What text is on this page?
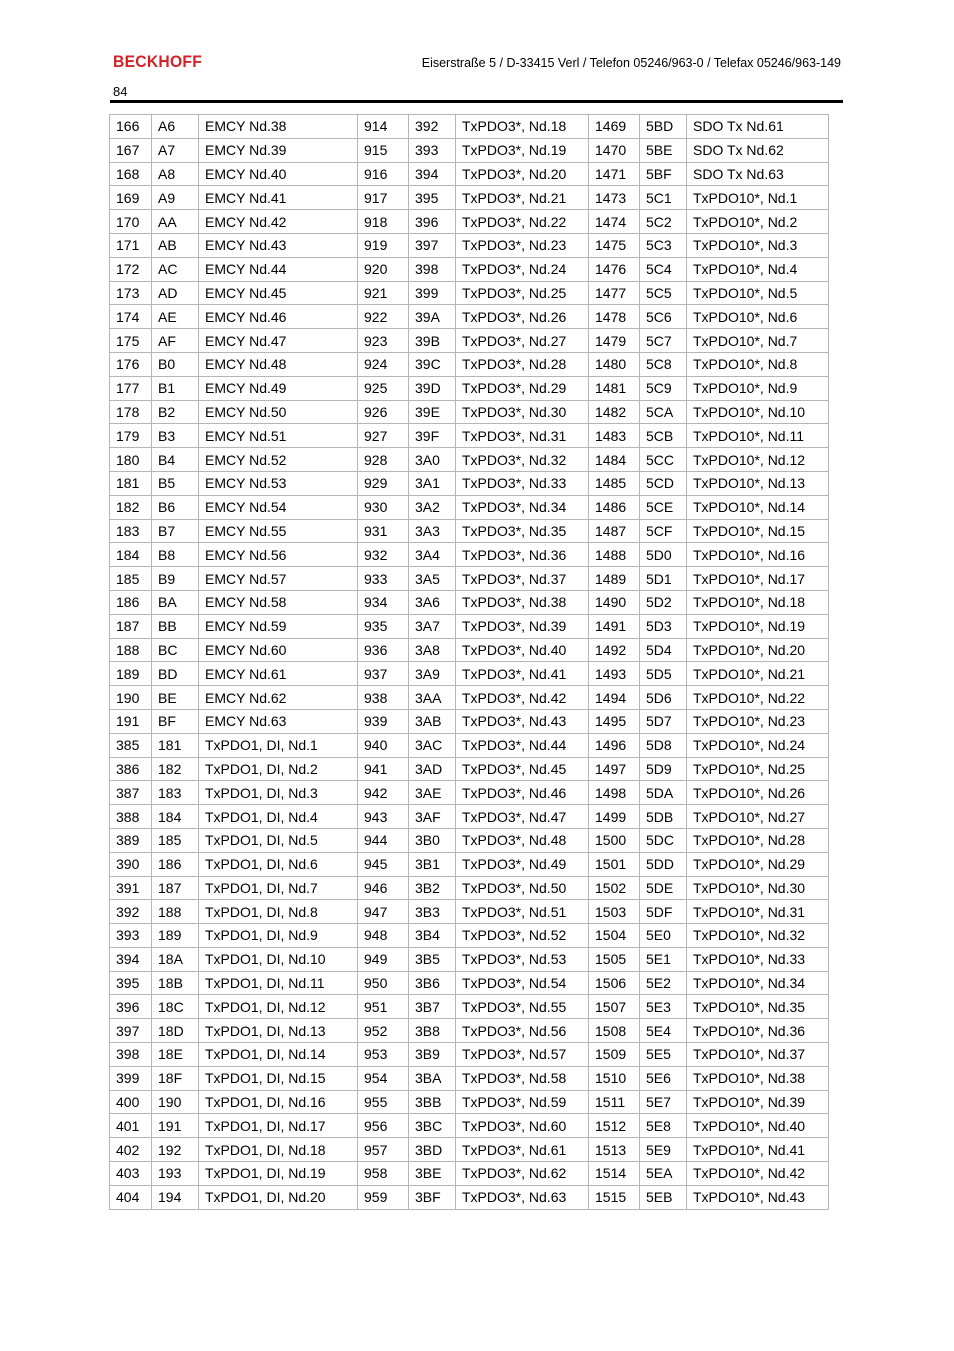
BECKHOFF	Eiserstraße 5 / D-33415 Verl / Telefon 05246/963-0 / Telefax 05246/963-149
84
166	A6	EMCY Nd.38	914	392	TxPDO3*, Nd.18	1469	5BD	SDO Tx Nd.61
167	A7	EMCY Nd.39	915	393	TxPDO3*, Nd.19	1470	5BE	SDO Tx Nd.62
168	A8	EMCY Nd.40	916	394	TxPDO3*, Nd.20	1471	5BF	SDO Tx Nd.63
169	A9	EMCY Nd.41	917	395	TxPDO3*, Nd.21	1473	5C1	TxPDO10*, Nd.1
170	AA	EMCY Nd.42	918	396	TxPDO3*, Nd.22	1474	5C2	TxPDO10*, Nd.2
171	AB	EMCY Nd.43	919	397	TxPDO3*, Nd.23	1475	5C3	TxPDO10*, Nd.3
172	AC	EMCY Nd.44	920	398	TxPDO3*, Nd.24	1476	5C4	TxPDO10*, Nd.4
173	AD	EMCY Nd.45	921	399	TxPDO3*, Nd.25	1477	5C5	TxPDO10*, Nd.5
174	AE	EMCY Nd.46	922	39A	TxPDO3*, Nd.26	1478	5C6	TxPDO10*, Nd.6
175	AF	EMCY Nd.47	923	39B	TxPDO3*, Nd.27	1479	5C7	TxPDO10*, Nd.7
176	B0	EMCY Nd.48	924	39C	TxPDO3*, Nd.28	1480	5C8	TxPDO10*, Nd.8
177	B1	EMCY Nd.49	925	39D	TxPDO3*, Nd.29	1481	5C9	TxPDO10*, Nd.9
178	B2	EMCY Nd.50	926	39E	TxPDO3*, Nd.30	1482	5CA	TxPDO10*, Nd.10
179	B3	EMCY Nd.51	927	39F	TxPDO3*, Nd.31	1483	5CB	TxPDO10*, Nd.11
180	B4	EMCY Nd.52	928	3A0	TxPDO3*, Nd.32	1484	5CC	TxPDO10*, Nd.12
181	B5	EMCY Nd.53	929	3A1	TxPDO3*, Nd.33	1485	5CD	TxPDO10*, Nd.13
182	B6	EMCY Nd.54	930	3A2	TxPDO3*, Nd.34	1486	5CE	TxPDO10*, Nd.14
183	B7	EMCY Nd.55	931	3A3	TxPDO3*, Nd.35	1487	5CF	TxPDO10*, Nd.15
184	B8	EMCY Nd.56	932	3A4	TxPDO3*, Nd.36	1488	5D0	TxPDO10*, Nd.16
185	B9	EMCY Nd.57	933	3A5	TxPDO3*, Nd.37	1489	5D1	TxPDO10*, Nd.17
186	BA	EMCY Nd.58	934	3A6	TxPDO3*, Nd.38	1490	5D2	TxPDO10*, Nd.18
187	BB	EMCY Nd.59	935	3A7	TxPDO3*, Nd.39	1491	5D3	TxPDO10*, Nd.19
188	BC	EMCY Nd.60	936	3A8	TxPDO3*, Nd.40	1492	5D4	TxPDO10*, Nd.20
189	BD	EMCY Nd.61	937	3A9	TxPDO3*, Nd.41	1493	5D5	TxPDO10*, Nd.21
190	BE	EMCY Nd.62	938	3AA	TxPDO3*, Nd.42	1494	5D6	TxPDO10*, Nd.22
191	BF	EMCY Nd.63	939	3AB	TxPDO3*, Nd.43	1495	5D7	TxPDO10*, Nd.23
385	181	TxPDO1, DI, Nd.1	940	3AC	TxPDO3*, Nd.44	1496	5D8	TxPDO10*, Nd.24
386	182	TxPDO1, DI, Nd.2	941	3AD	TxPDO3*, Nd.45	1497	5D9	TxPDO10*, Nd.25
387	183	TxPDO1, DI, Nd.3	942	3AE	TxPDO3*, Nd.46	1498	5DA	TxPDO10*, Nd.26
388	184	TxPDO1, DI, Nd.4	943	3AF	TxPDO3*, Nd.47	1499	5DB	TxPDO10*, Nd.27
389	185	TxPDO1, DI, Nd.5	944	3B0	TxPDO3*, Nd.48	1500	5DC	TxPDO10*, Nd.28
390	186	TxPDO1, DI, Nd.6	945	3B1	TxPDO3*, Nd.49	1501	5DD	TxPDO10*, Nd.29
391	187	TxPDO1, DI, Nd.7	946	3B2	TxPDO3*, Nd.50	1502	5DE	TxPDO10*, Nd.30
392	188	TxPDO1, DI, Nd.8	947	3B3	TxPDO3*, Nd.51	1503	5DF	TxPDO10*, Nd.31
393	189	TxPDO1, DI, Nd.9	948	3B4	TxPDO3*, Nd.52	1504	5E0	TxPDO10*, Nd.32
394	18A	TxPDO1, DI, Nd.10	949	3B5	TxPDO3*, Nd.53	1505	5E1	TxPDO10*, Nd.33
395	18B	TxPDO1, DI, Nd.11	950	3B6	TxPDO3*, Nd.54	1506	5E2	TxPDO10*, Nd.34
396	18C	TxPDO1, DI, Nd.12	951	3B7	TxPDO3*, Nd.55	1507	5E3	TxPDO10*, Nd.35
397	18D	TxPDO1, DI, Nd.13	952	3B8	TxPDO3*, Nd.56	1508	5E4	TxPDO10*, Nd.36
398	18E	TxPDO1, DI, Nd.14	953	3B9	TxPDO3*, Nd.57	1509	5E5	TxPDO10*, Nd.37
399	18F	TxPDO1, DI, Nd.15	954	3BA	TxPDO3*, Nd.58	1510	5E6	TxPDO10*, Nd.38
400	190	TxPDO1, DI, Nd.16	955	3BB	TxPDO3*, Nd.59	1511	5E7	TxPDO10*, Nd.39
401	191	TxPDO1, DI, Nd.17	956	3BC	TxPDO3*, Nd.60	1512	5E8	TxPDO10*, Nd.40
402	192	TxPDO1, DI, Nd.18	957	3BD	TxPDO3*, Nd.61	1513	5E9	TxPDO10*, Nd.41
403	193	TxPDO1, DI, Nd.19	958	3BE	TxPDO3*, Nd.62	1514	5EA	TxPDO10*, Nd.42
404	194	TxPDO1, DI, Nd.20	959	3BF	TxPDO3*, Nd.63	1515	5EB	TxPDO10*, Nd.43
